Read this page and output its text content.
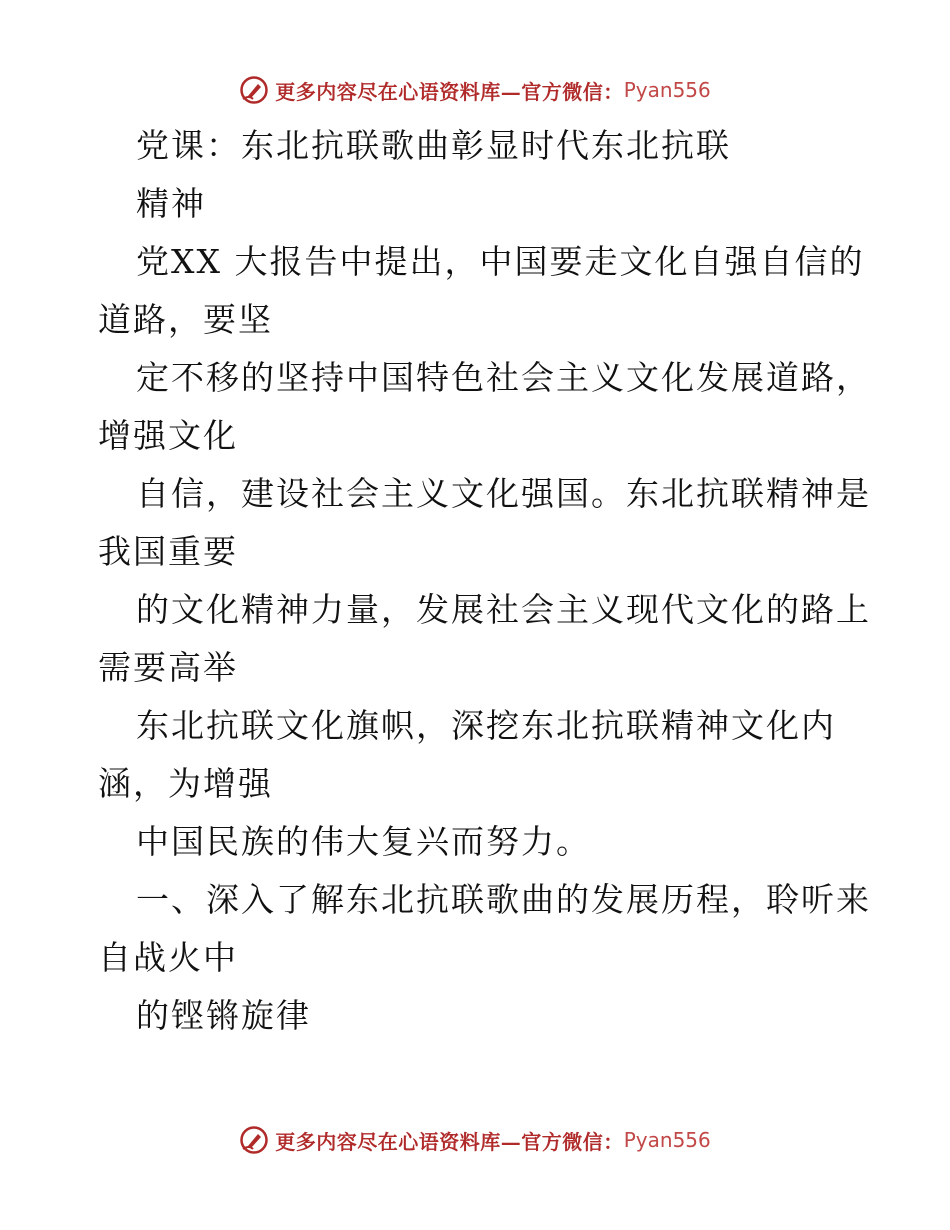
更多内容尽在心语资料库—官方微信： Pyan556
党课：东北抗联歌曲彰显时代东北抗联
精神
党XX 大报告中提出，中国要走文化自强自信的
道路，要坚
定不移的坚持中国特色社会主义文化发展道路，
增强文化
自信，建设社会主义文化强国。东北抗联精神是
我国重要
的文化精神力量，发展社会主义现代文化的路上
需要高举
东北抗联文化旗帜，深挖东北抗联精神文化内
涵，为增强
中国民族的伟大复兴而努力。
一、深入了解东北抗联歌曲的发展历程，聆听来
自战火中
的铿锵旋律
更多内容尽在心语资料库—官方微信： Pyan556
